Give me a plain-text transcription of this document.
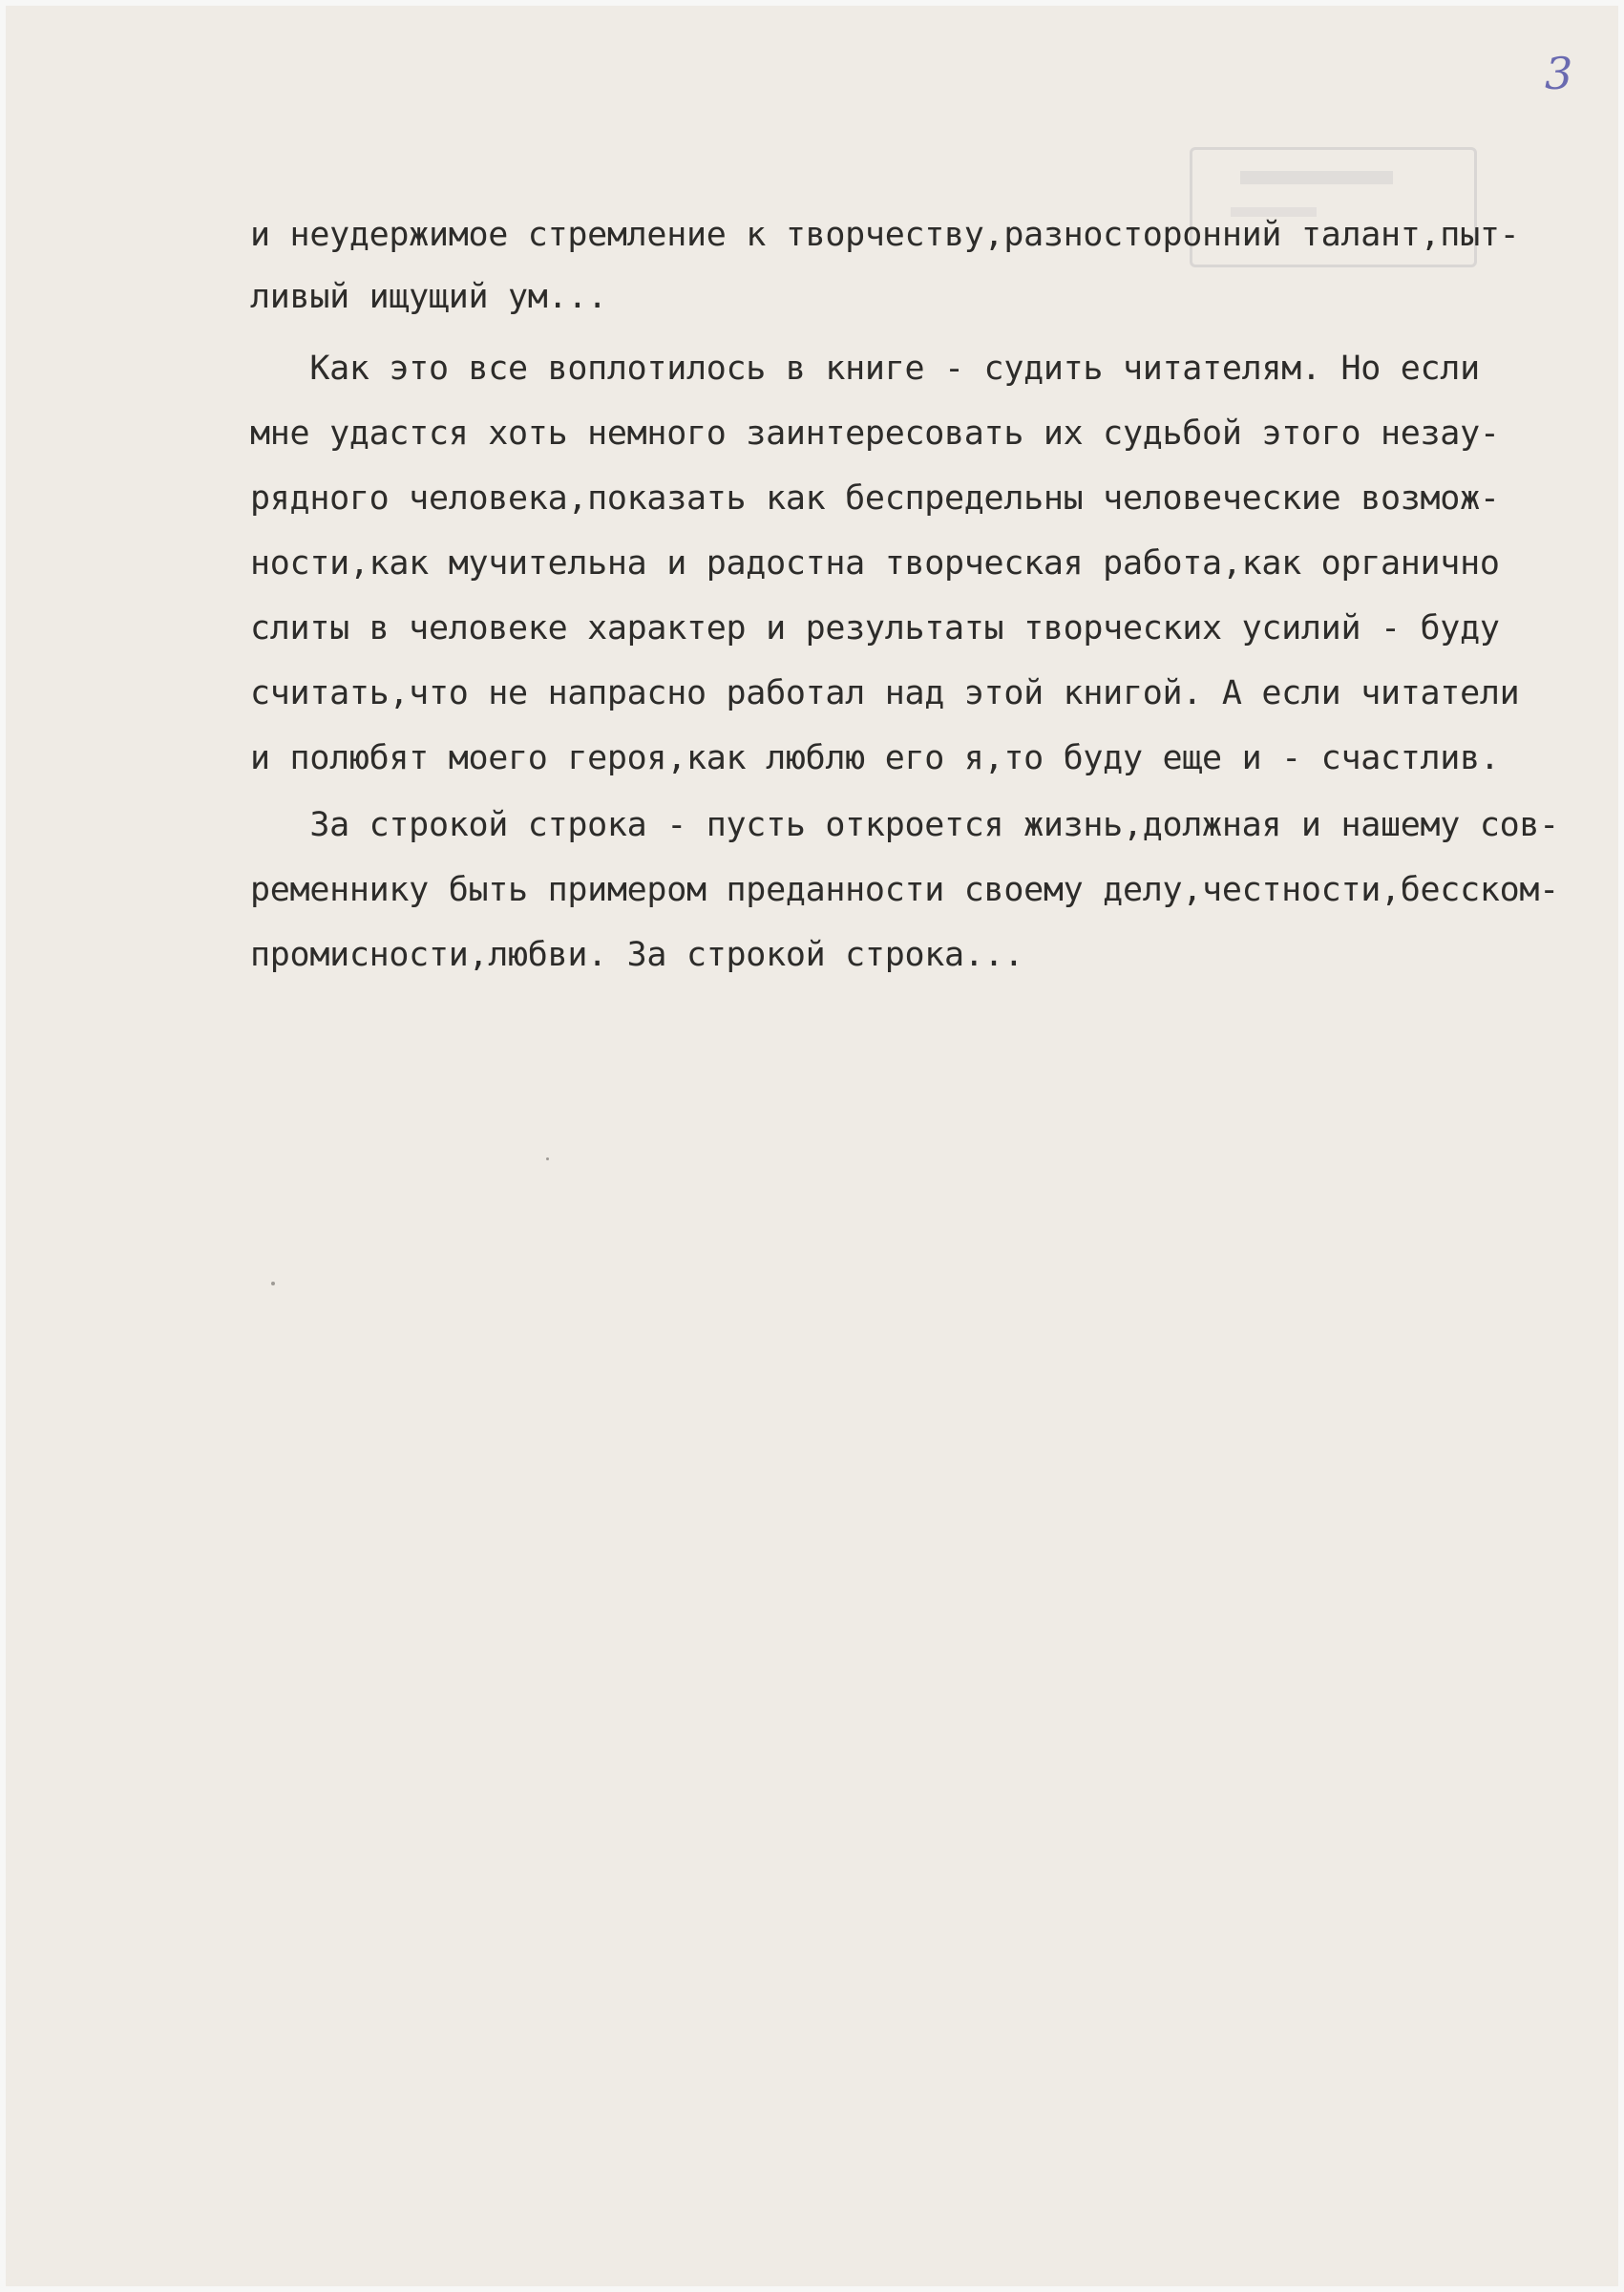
3
и неудержимое стремление к творчеству,разносторонний талант,пыт-
ливый ищущий ум...
Как это все воплотилось в книге - судить читателям. Но если
мне удастся хоть немного заинтересовать их судьбой этого незау-
рядного человека,показать как беспредельны человеческие возмож-
ности,как мучительна и радостна творческая работа,как органично
слиты в человеке характер и результаты творческих усилий - буду
считать,что не напрасно работал над этой книгой. А если читатели
и полюбят моего героя,как люблю его я,то буду еще и - счастлив.
За строкой строка - пусть откроется жизнь,должная и нашему сов-
ременнику быть примером преданности своему делу,честности,бесcком-
промисности,любви. За строкой строка...
